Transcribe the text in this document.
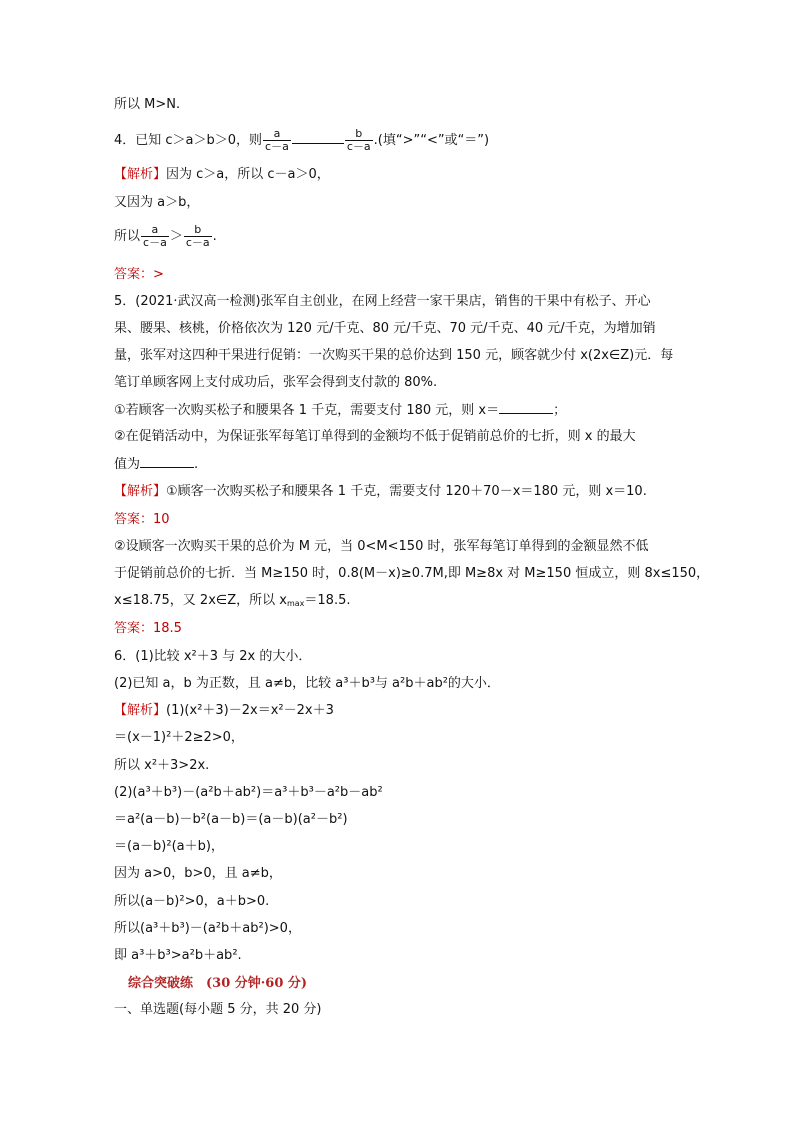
所以 M>N.
4．已知 c＞a＞b＞0，则 $\frac{a}{c-a}$	$\frac{b}{c-a}$ .(填“>”“<”或“＝”)
【解析】因为 c＞a，所以 c－a＞0，
又因为 a＞b，
所以 $\frac{a}{c-a} > \frac{b}{c-a}$ .
答案：>
5．(2021·武汉高一检测)张军自主创业，在网上经营一家干果店，销售的干果中有松子、开心
果、腰果、核桃，价格依次为 120 元/千克、80 元/千克、70 元/千克、40 元/千克，为增加销
量，张军对这四种干果进行促销：一次购买干果的总价达到 150 元，顾客就少付 x(2x∈Z)元．每
笔订单顾客网上支付成功后，张军会得到支付款的 80%.
①若顾客一次购买松子和腰果各 1 千克，需要支付 180 元，则 x＝	；
②在促销活动中，为保证张军每笔订单得到的金额均不低于促销前总价的七折，则 x 的最大
值为	.
【解析】①顾客一次购买松子和腰果各 1 千克，需要支付 120＋70－x＝180 元，则 x＝10.
答案：10
②设顾客一次购买干果的总价为 M 元，当 0<M<150 时，张军每笔订单得到的金额显然不低
于促销前总价的七折．当 M≥150 时，0.8(M－x)≥0.7M,即 M≥8x 对 M≥150 恒成立，则 8x≤150，
x≤18.75，又 2x∈Z，所以 $x_{max}=18.5$.
答案：18.5
6．(1)比较 x²＋3 与 2x 的大小．
(2)已知 a，b 为正数，且 a≠b，比较 a³＋b³与 a²b＋ab²的大小．
【解析】(1)(x²＋3)－2x＝x²－2x＋3
＝(x－1)²＋2≥2>0，
所以 x²＋3>2x.
(2)(a³＋b³)－(a²b＋ab²)＝a³＋b³－a²b－ab²
＝a²(a－b)－b²(a－b)＝(a－b)(a²－b²)
＝(a－b)²(a＋b)，
因为 a>0，b>0，且 a≠b，
所以(a－b)²>0，a＋b>0.
所以(a³＋b³)－(a²b＋ab²)>0，
即 a³＋b³>a²b＋ab².
综合突破练　(30 分钟·60 分)
一、单选题(每小题 5 分，共 20 分)
